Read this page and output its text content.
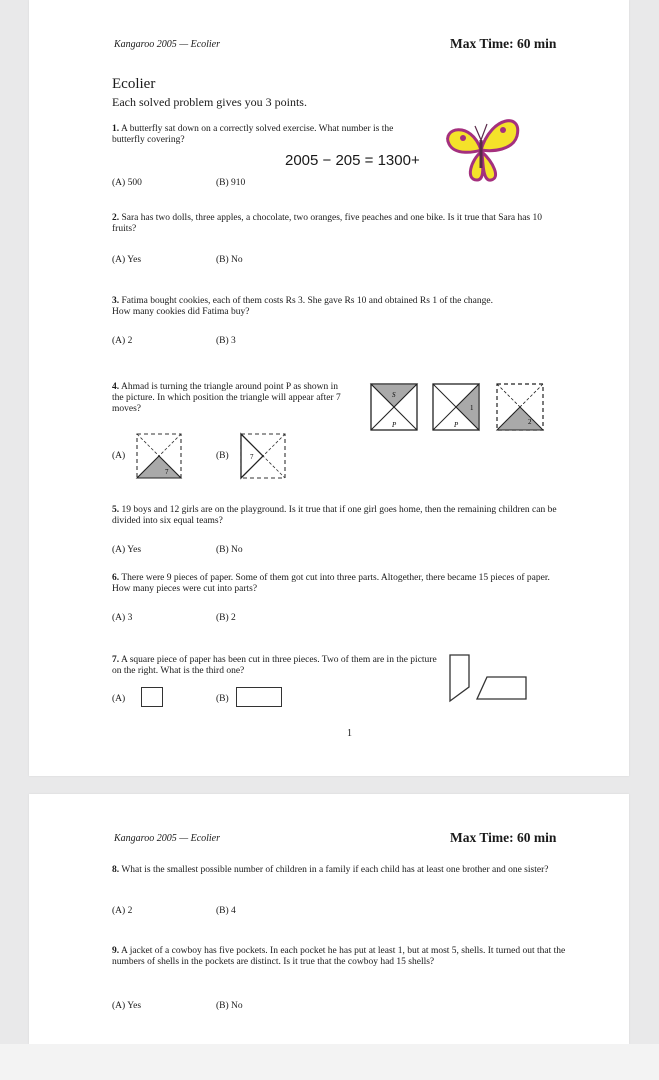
Kangaroo 2005 — Ecolier	Max Time: 60 min
Ecolier
Each solved problem gives you 3 points.
1. A butterfly sat down on a correctly solved exercise. What number is the butterfly covering?
2005 − 205 = 1300+
(A) 500	(B) 910
2. Sara has two dolls, three apples, a chocolate, two oranges, five peaches and one bike. Is it true that Sara has 10 fruits?
(A) Yes	(B) No
3. Fatima bought cookies, each of them costs Rs 3. She gave Rs 10 and obtained Rs 1 of the change. How many cookies did Fatima buy?
(A) 2	(B) 3
4. Ahmad is turning the triangle around point P as shown in the picture. In which position the triangle will appear after 7 moves?
S
P
1
P	2
(A)
7
(B)	7
5. 19 boys and 12 girls are on the playground. Is it true that if one girl goes home, then the remaining children can be divided into six equal teams?
(A) Yes	(B) No
6. There were 9 pieces of paper. Some of them got cut into three parts. Altogether, there became 15 pieces of paper. How many pieces were cut into parts?
(A) 3	(B) 2
7. A square piece of paper has been cut in three pieces. Two of them are in the picture on the right. What is the third one?
(A)	(B)
1
Kangaroo 2005 — Ecolier	Max Time: 60 min
8. What is the smallest possible number of children in a family if each child has at least one brother and one sister?
(A) 2	(B) 4
9. A jacket of a cowboy has five pockets. In each pocket he has put at least 1, but at most 5, shells. It turned out that the numbers of shells in the pockets are distinct. Is it true that the cowboy had 15 shells?
(A) Yes	(B) No
